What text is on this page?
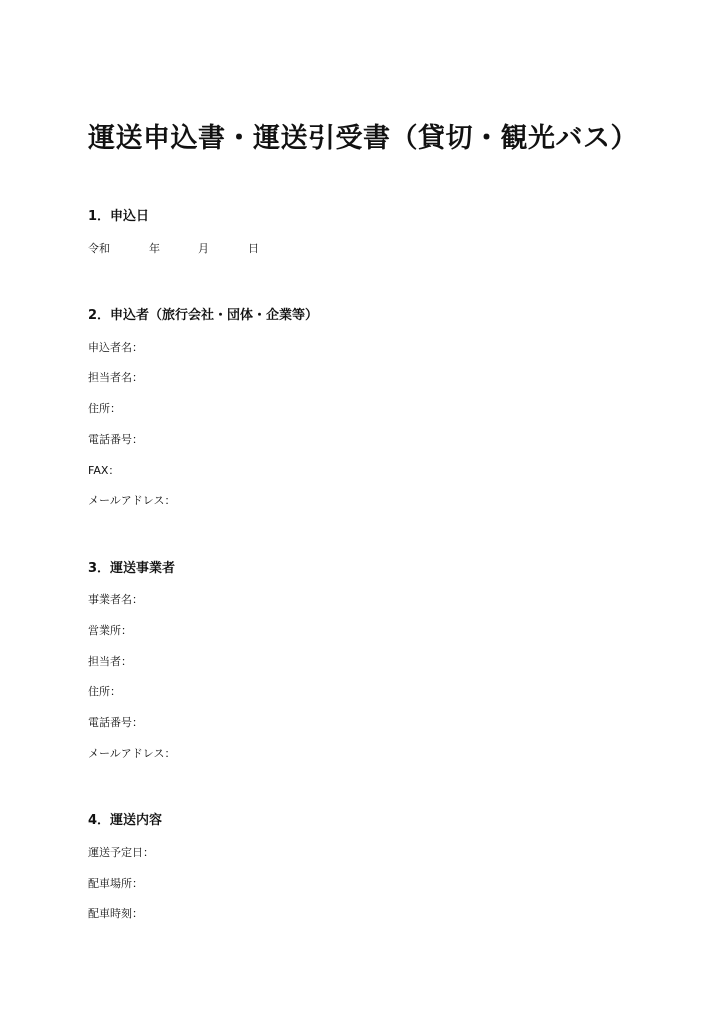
運送申込書・運送引受書（貸切・観光バス）
1．申込日
令和	年	月	日
2．申込者（旅行会社・団体・企業等）
申込者名：
担当者名：
住所：
電話番号：
FAX：
メールアドレス：
3．運送事業者
事業者名：
営業所：
担当者：
住所：
電話番号：
メールアドレス：
4．運送内容
運送予定日：
配車場所：
配車時刻：
